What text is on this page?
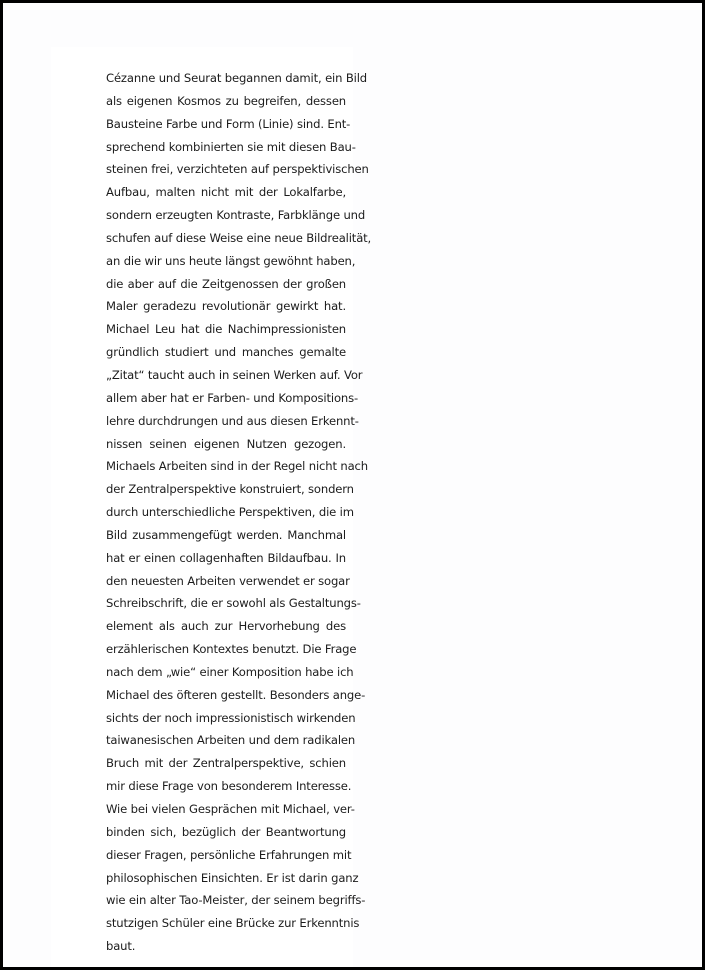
Cézanne und Seurat begannen damit, ein Bild
als eigenen Kosmos zu begreifen, dessen
Bausteine Farbe und Form (Linie) sind. Ent-
sprechend kombinierten sie mit diesen Bau-
steinen frei, verzichteten auf perspektivischen
Aufbau, malten nicht mit der Lokalfarbe,
sondern erzeugten Kontraste, Farbklänge und
schufen auf diese Weise eine neue Bildrealität,
an die wir uns heute längst gewöhnt haben,
die aber auf die Zeitgenossen der großen
Maler geradezu revolutionär gewirkt hat.
Michael Leu hat die Nachimpressionisten
gründlich studiert und manches gemalte
„Zitat“ taucht auch in seinen Werken auf. Vor
allem aber hat er Farben- und Kompositions-
lehre durchdrungen und aus diesen Erkennt-
nissen seinen eigenen Nutzen gezogen.
Michaels Arbeiten sind in der Regel nicht nach
der Zentralperspektive konstruiert, sondern
durch unterschiedliche Perspektiven, die im
Bild zusammengefügt werden. Manchmal
hat er einen collagenhaften Bildaufbau. In
den neuesten Arbeiten verwendet er sogar
Schreibschrift, die er sowohl als Gestaltungs-
element als auch zur Hervorhebung des
erzählerischen Kontextes benutzt. Die Frage
nach dem „wie“ einer Komposition habe ich
Michael des öfteren gestellt. Besonders ange-
sichts der noch impressionistisch wirkenden
taiwanesischen Arbeiten und dem radikalen
Bruch mit der Zentralperspektive, schien
mir diese Frage von besonderem Interesse.
Wie bei vielen Gesprächen mit Michael, ver-
binden sich, bezüglich der Beantwortung
dieser Fragen, persönliche Erfahrungen mit
philosophischen Einsichten. Er ist darin ganz
wie ein alter Tao-Meister, der seinem begriffs-
stutzigen Schüler eine Brücke zur Erkenntnis
baut.
